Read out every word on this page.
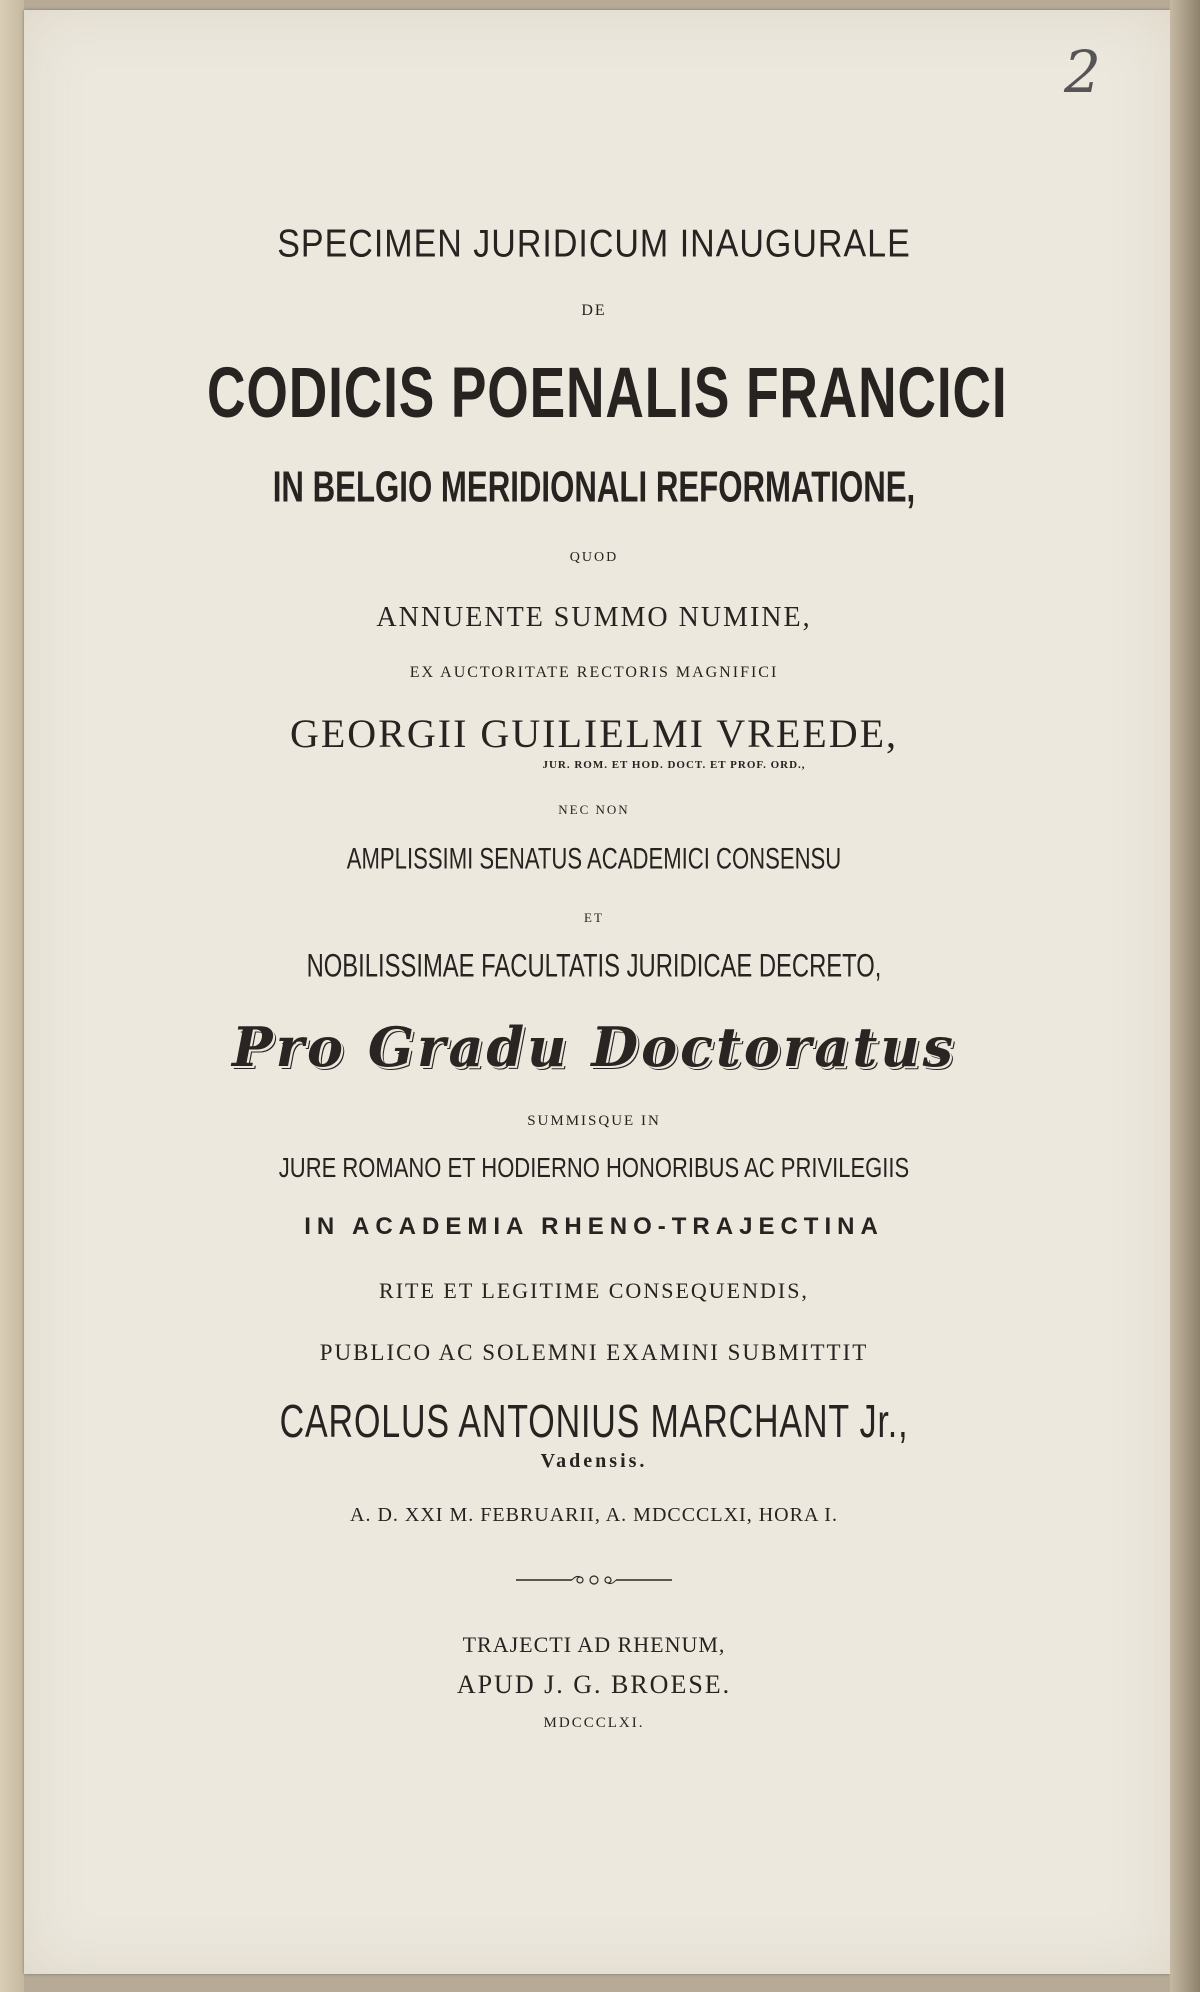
2
SPECIMEN JURIDICUM INAUGURALE
DE
CODICIS POENALIS FRANCICI
IN BELGIO MERIDIONALI REFORMATIONE,
QUOD
ANNUENTE SUMMO NUMINE,
EX AUCTORITATE RECTORIS MAGNIFICI
GEORGII GUILIELMI VREEDE,
JUR. ROM. ET HOD. DOCT. ET PROF. ORD.,
NEC NON
AMPLISSIMI SENATUS ACADEMICI CONSENSU
ET
NOBILISSIMAE FACULTATIS JURIDICAE DECRETO,
Pro Gradu Doctoratus
SUMMISQUE IN
JURE ROMANO ET HODIERNO HONORIBUS AC PRIVILEGIIS
IN ACADEMIA RHENO-TRAJECTINA
RITE ET LEGITIME CONSEQUENDIS,
PUBLICO AC SOLEMNI EXAMINI SUBMITTIT
CAROLUS ANTONIUS MARCHANT Jr.,
Vadensis.
A. D. XXI M. FEBRUARII, A. MDCCCLXI, HORA I.
TRAJECTI AD RHENUM,
APUD J. G. BROESE.
MDCCCLXI.
